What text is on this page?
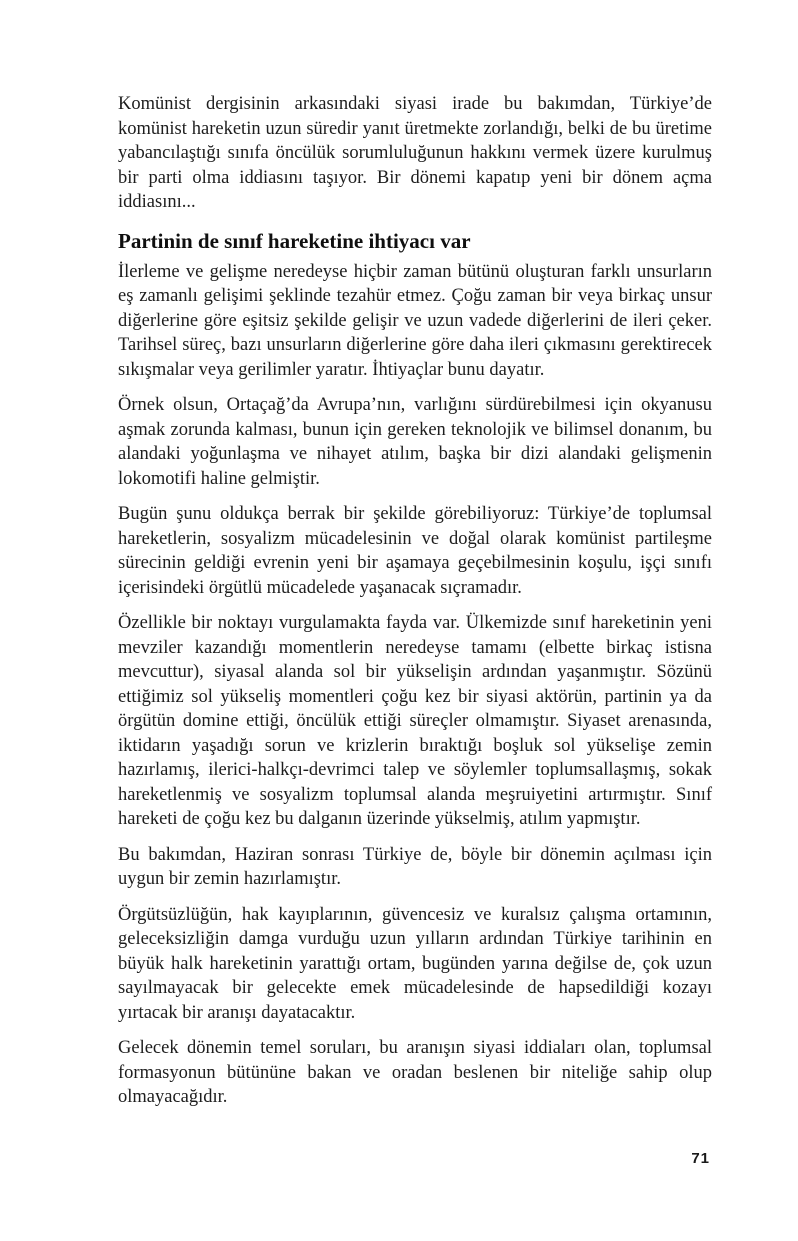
Komünist dergisinin arkasındaki siyasi irade bu bakımdan, Türkiye’de komünist hareketin uzun süredir yanıt üretmekte zorlandığı, belki de bu üretime yabancılaştığı sınıfa öncülük sorumluluğunun hakkını vermek üzere kurulmuş bir parti olma iddiasını taşıyor. Bir dönemi kapatıp yeni bir dönem açma iddiasını...

Partinin de sınıf hareketine ihtiyacı var

İlerleme ve gelişme neredeyse hiçbir zaman bütünü oluşturan farklı unsurların eş zamanlı gelişimi şeklinde tezahür etmez. Çoğu zaman bir veya birkaç unsur diğerlerine göre eşitsiz şekilde gelişir ve uzun vadede diğerlerini de ileri çeker. Tarihsel süreç, bazı unsurların diğerlerine göre daha ileri çıkmasını gerektirecek sıkışmalar veya gerilimler yaratır. İhtiyaçlar bunu dayatır.

Örnek olsun, Ortaçağ’da Avrupa’nın, varlığını sürdürebilmesi için okyanusu aşmak zorunda kalması, bunun için gereken teknolojik ve bilimsel donanım, bu alandaki yoğunlaşma ve nihayet atılım, başka bir dizi alandaki gelişmenin lokomotifi haline gelmiştir.

Bugün şunu oldukça berrak bir şekilde görebiliyoruz: Türkiye’de toplumsal hareketlerin, sosyalizm mücadelesinin ve doğal olarak komünist partileşme sürecinin geldiği evrenin yeni bir aşamaya geçebilmesinin koşulu, işçi sınıfı içerisindeki örgütlü mücadelede yaşanacak sıçramadır.

Özellikle bir noktayı vurgulamakta fayda var. Ülkemizde sınıf hareketinin yeni mevziler kazandığı momentlerin neredeyse tamamı (elbette birkaç istisna mevcuttur), siyasal alanda sol bir yükselişin ardından yaşanmıştır. Sözünü ettiğimiz sol yükseliş momentleri çoğu kez bir siyasi aktörün, partinin ya da örgütün domine ettiği, öncülük ettiği süreçler olmamıştır. Siyaset arenasında, iktidarın yaşadığı sorun ve krizlerin bıraktığı boşluk sol yükselişe zemin hazırlamış, ilerici-halkçı-devrimci talep ve söylemler toplumsallaşmış, sokak hareketlenmiş ve sosyalizm toplumsal alanda meşruiyetini artırmıştır. Sınıf hareketi de çoğu kez bu dalganın üzerinde yükselmiş, atılım yapmıştır.

Bu bakımdan, Haziran sonrası Türkiye de, böyle bir dönemin açılması için uygun bir zemin hazırlamıştır.

Örgütsüzlüğün, hak kayıplarının, güvencesiz ve kuralsız çalışma ortamının, geleceksizliğin damga vurduğu uzun yılların ardından Türkiye tarihinin en büyük halk hareketinin yarattığı ortam, bugünden yarına değilse de, çok uzun sayılmayacak bir gelecekte emek mücadelesinde de hapsedildiği kozayı yırtacak bir aranışı dayatacaktır.

Gelecek dönemin temel soruları, bu aranışın siyasi iddiaları olan, toplumsal formasyonun bütününe bakan ve oradan beslenen bir niteliğe sahip olup olmayacağıdır.

71
